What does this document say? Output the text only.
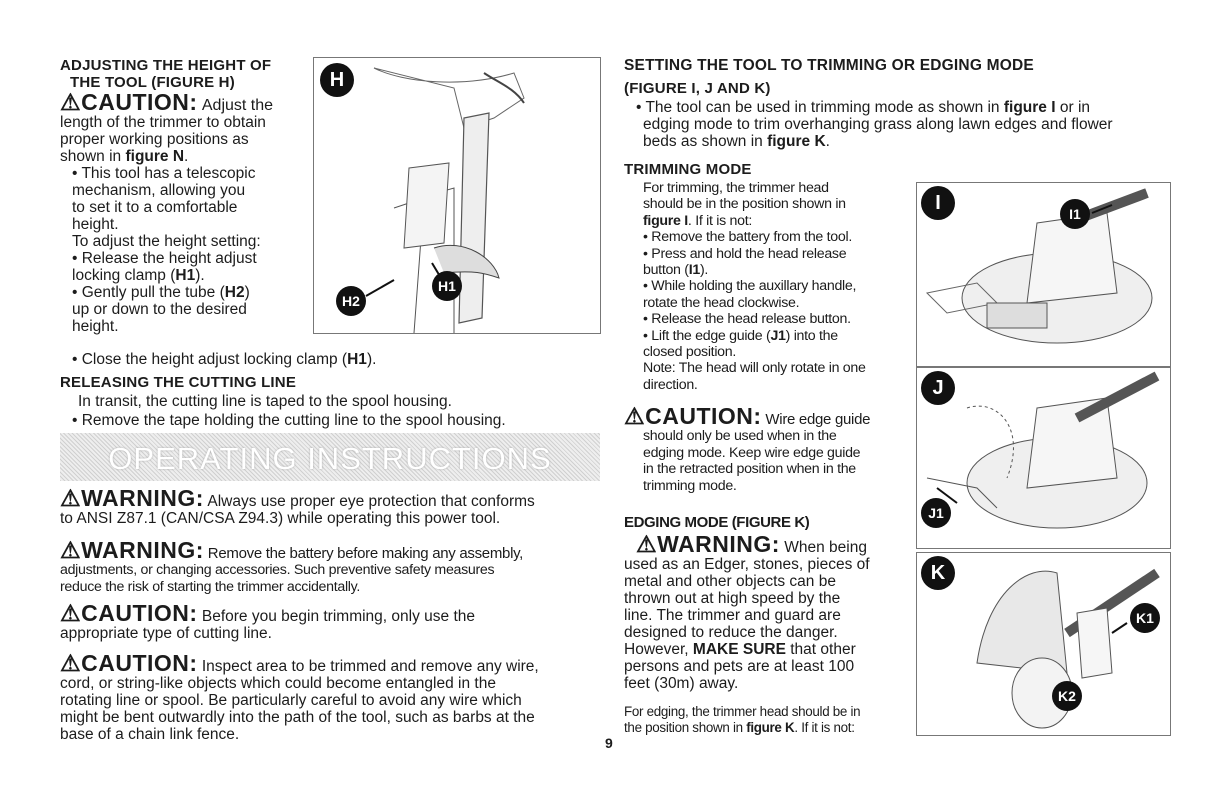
ADJUSTING THE HEIGHT OF

THE TOOL (FIGURE H)

⚠CAUTION: Adjust the

length of the trimmer to obtain

proper working positions as

shown in figure N.

• This tool has a telescopic

mechanism, allowing you

to set it to a comfortable

height.

To adjust the height setting:

• Release the height adjust

locking clamp (H1).

• Gently pull the tube (H2)

up or down to the desired

height.

• Close the height adjust locking clamp (H1).

RELEASING THE CUTTING LINE

In transit, the cutting line is taped to the spool housing.

• Remove the tape holding the cutting line to the spool housing.

H
H2
H1
OPERATING INSTRUCTIONS

⚠WARNING: Always use proper eye protection that conforms

to ANSI Z87.1 (CAN/CSA Z94.3) while operating this power tool.

⚠WARNING: Remove the battery before making any assembly,

adjustments, or changing accessories. Such preventive safety measures

reduce the risk of starting the trimmer accidentally.

⚠CAUTION: Before you begin trimming, only use the

appropriate type of cutting line.

⚠CAUTION: Inspect area to be trimmed and remove any wire,

cord, or string-like objects which could become entangled in the

rotating line or spool. Be particularly careful to avoid any wire which

might be bent outwardly into the path of the tool, such as barbs at the

base of a chain link fence.	9

SETTING THE TOOL TO TRIMMING OR EDGING MODE

(FIGURE I, J AND K)

• The tool can be used in trimming mode as shown in figure I or in

edging mode to trim overhanging grass along lawn edges and flower

beds as shown in figure K.

TRIMMING MODE

For trimming, the trimmer head

should be in the position shown in

figure I. If it is not:

• Remove the battery from the tool.

• Press and hold the head release

button (I1).

• While holding the auxillary handle,

rotate the head clockwise.

• Release the head release button.

• Lift the edge guide (J1) into the

closed position.

Note: The head will only rotate in one

direction.

⚠CAUTION: Wire edge guide

should only be used when in the

edging mode. Keep wire edge guide

in the retracted position when in the

trimming mode.

EDGING MODE (FIGURE K)

⚠WARNING: When being

used as an Edger, stones, pieces of

metal and other objects can be

thrown out at high speed by the

line. The trimmer and guard are

designed to reduce the danger.

However, MAKE SURE that other

persons and pets are at least 100

feet (30m) away.

For edging, the trimmer head should be in

the position shown in figure K. If it is not:

I	I1
J
J1
K
K1
K2
